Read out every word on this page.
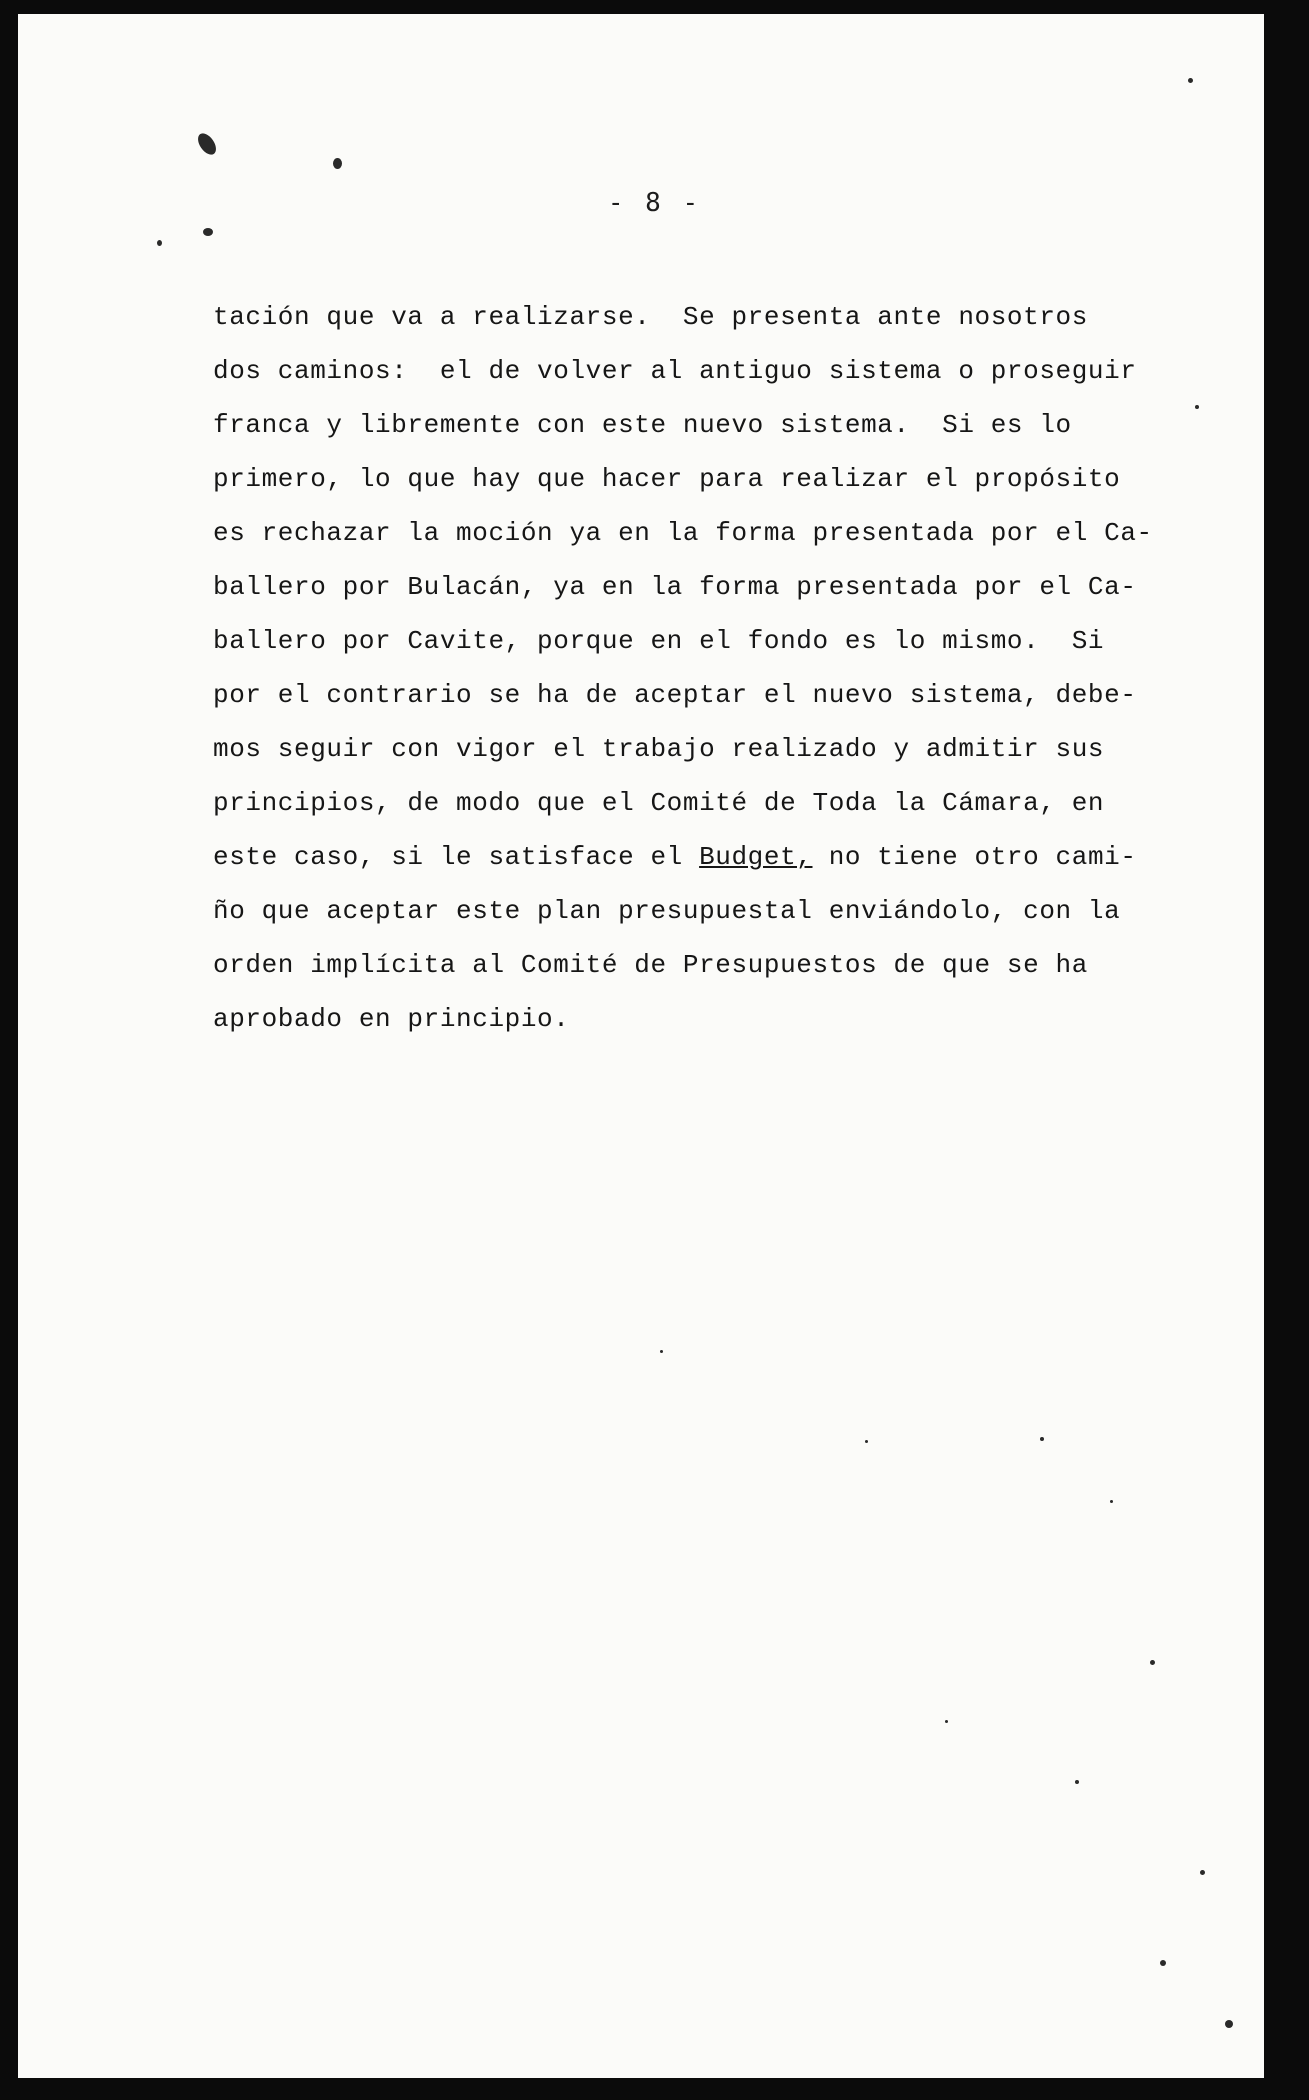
- 8 -
tación que va a realizarse.  Se presenta ante nosotros
dos caminos:  el de volver al antiguo sistema o proseguir
franca y libremente con este nuevo sistema.  Si es lo
primero, lo que hay que hacer para realizar el propósito
es rechazar la moción ya en la forma presentada por el Ca-
ballero por Bulacán, ya en la forma presentada por el Ca-
ballero por Cavite, porque en el fondo es lo mismo.  Si
por el contrario se ha de aceptar el nuevo sistema, debe-
mos seguir con vigor el trabajo realizado y admitir sus
principios, de modo que el Comité de Toda la Cámara, en
este caso, si le satisface el Budget, no tiene otro cami-
ño que aceptar este plan presupuestal enviándolo, con la
orden implícita al Comité de Presupuestos de que se ha
aprobado en principio.
